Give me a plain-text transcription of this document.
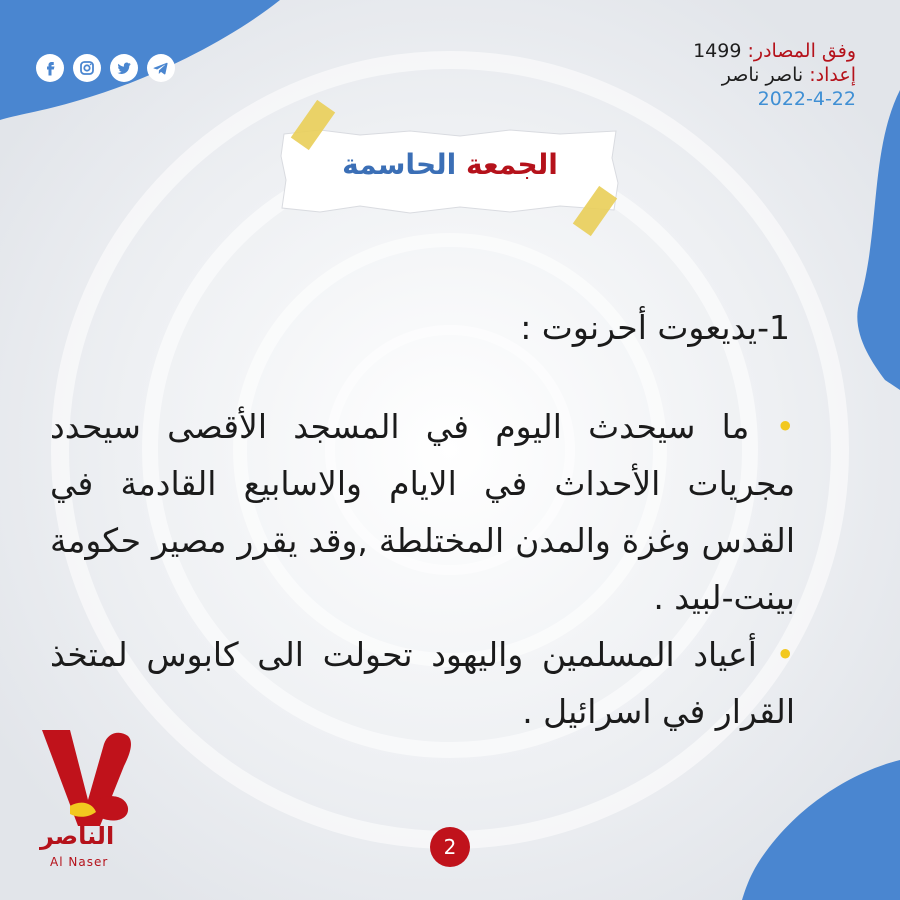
وفق المصادر: 1499
إعداد: ناصر ناصر
2022-4-22
الجمعة الحاسمة
1-يديعوت أحرنوت :

• ما سيحدث اليوم في المسجد الأقصى سيحدد مجريات الأحداث في الايام والاسابيع القادمة في القدس وغزة والمدن المختلطة ,وقد يقرر مصير حكومة بينت-لبيد .

• أعياد المسلمين واليهود تحولت الى كابوس لمتخذ القرار في اسرائيل .

الناصر
Al Naser
2
